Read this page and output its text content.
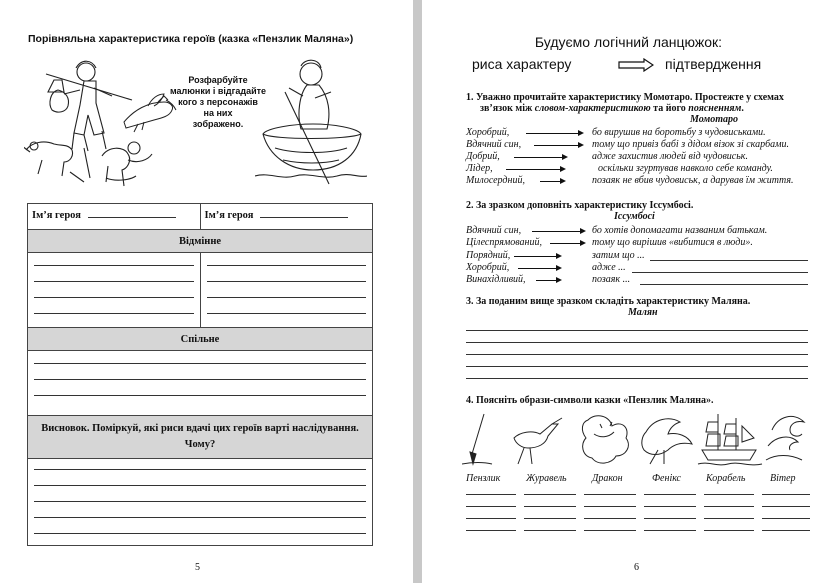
Порівняльна характеристика героїв (казка «Пензлик Маляна»)
Розфарбуйте
малюнки і відгадайте
кого з персонажів
на них
зображено.
Ім’я героя	Ім’я героя
Відмінне	

Спільне	

Висновок. Поміркуй, які риси вдачі цих героїв варті наслідування.
Чому?	

5
Будуємо логічний ланцюжок:
риса характеру	підтвердження
1. Уважно прочитайте характеристику Момотаро. Простежте у схемах
зв’язок між словом-характеристикою та його поясненням.
Момотаро
Хоробрий,	бо вирушив на боротьбу з чудовиськами.
Вдячний син,	тому що привіз бабі з дідом візок зі скарбами.
Добрий,	адже захистив людей від чудовиськ.
Лідер,	оскільки згуртував навколо себе команду.
Милосердний,	позаяк не вбив чудовиськ, а дарував їм життя.
2. За зразком доповніть характеристику Іссумбосі.
Іссумбосі
Вдячний син,	бо хотів допомагати названим батькам.
Цілеспрямований,	тому що вирішив «вибитися в люди».
Порядний,	затим що ...
Хоробрий,	адже ...
Винахідливий,	позаяк ...
3. За поданим вище зразком складіть характеристику Маляна.
Малян
4. Поясніть образи-символи казки «Пензлик Маляна».
Пензлик	Журавель	Дракон	Фенікс	Корабель Вітер
6
